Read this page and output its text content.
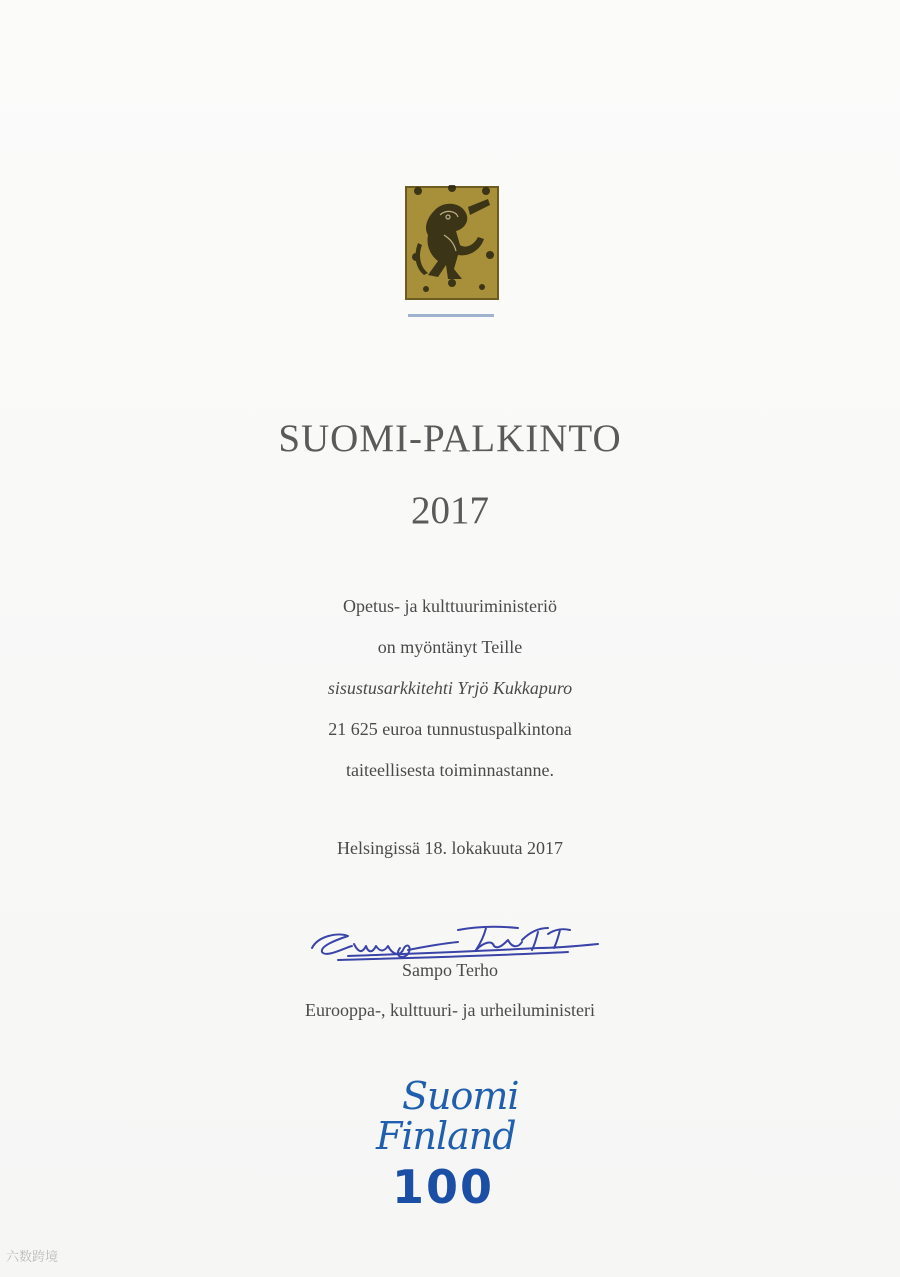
SUOMI-PALKINTO
2017
Opetus- ja kulttuuriministeriö
on myöntänyt Teille
sisustusarkkitehti Yrjö Kukkapuro
21 625 euroa tunnustuspalkintona
taiteellisesta toiminnastanne.
Helsingissä 18. lokakuuta 2017
Sampo Terho
Eurooppa-, kulttuuri- ja urheiluministeri
Suomi
Finland
100
六数跨境
